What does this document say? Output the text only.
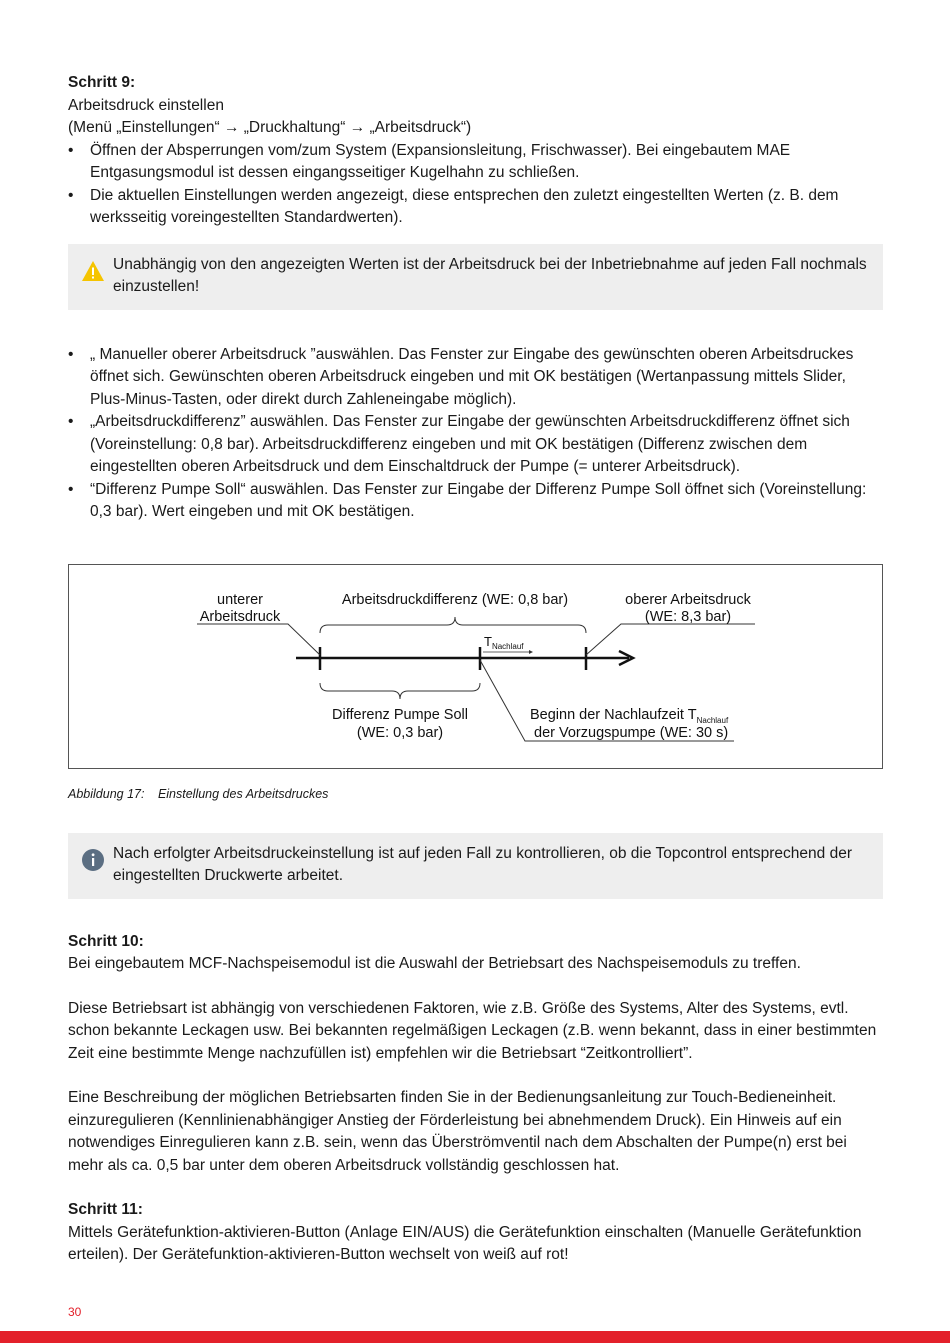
Schritt 9:

Arbeitsdruck einstellen

(Menü „Einstellungen“ → „Druckhaltung“ → „Arbeitsdruck“)

• Öffnen der Absperrungen vom/zum System (Expansionsleitung, Frischwasser). Bei eingebautem MAE Entgasungsmodul ist dessen eingangsseitiger Kugelhahn zu schließen.
• Die aktuellen Einstellungen werden angezeigt, diese entsprechen den zuletzt eingestellten Werten (z. B. dem werksseitig voreingestellten Standardwerten).
Unabhängig von den angezeigten Werten ist der Arbeitsdruck bei der Inbetriebnahme auf jeden Fall nochmals einzustellen!
• „ Manueller oberer Arbeitsdruck ”auswählen. Das Fenster zur Eingabe des gewünschten oberen Arbeitsdruckes öffnet sich. Gewünschten oberen Arbeitsdruck eingeben und mit OK bestätigen (Wertanpassung mittels Slider, Plus-Minus-Tasten, oder direkt durch Zahleneingabe möglich).
• „Arbeitsdruckdifferenz” auswählen. Das Fenster zur Eingabe der gewünschten Arbeitsdruckdifferenz öffnet sich (Voreinstellung: 0,8 bar). Arbeitsdruckdifferenz eingeben und mit OK bestätigen (Differenz zwischen dem eingestellten oberen Arbeitsdruck und dem Einschaltdruck der Pumpe (= unterer Arbeitsdruck).
• “Differenz Pumpe Soll“ auswählen. Das Fenster zur Eingabe der Differenz Pumpe Soll öffnet sich (Voreinstellung: 0,3 bar). Wert eingeben und mit OK bestätigen.
unterer
Arbeitsdruck
Arbeitsdruckdifferenz (WE: 0,8 bar)	oberer Arbeitsdruck
(WE: 8,3 bar)
$T_{Nachlauf}$
Differenz Pumpe Soll
(WE: 0,3 bar)
Beginn der Nachlaufzeit $T_{Nachlauf}$
der Vorzugspumpe (WE: 30 s)
Abbildung 17: Einstellung des Arbeitsdruckes
Nach erfolgter Arbeitsdruckeinstellung ist auf jeden Fall zu kontrollieren, ob die Topcontrol entsprechend der eingestellten Druckwerte arbeitet.

Schritt 10:

Bei eingebautem MCF-Nachspeisemodul ist die Auswahl der Betriebsart des Nachspeisemoduls zu treffen.

Diese Betriebsart ist abhängig von verschiedenen Faktoren, wie z.B. Größe des Systems, Alter des Systems, evtl. schon bekannte Leckagen usw. Bei bekannten regelmäßigen Leckagen (z.B. wenn bekannt, dass in einer bestimmten Zeit eine bestimmte Menge nachzufüllen ist) empfehlen wir die Betriebsart “Zeitkontrolliert”.

Eine Beschreibung der möglichen Betriebsarten finden Sie in der Bedienungsanleitung zur Touch-Bedieneinheit. einzuregulieren (Kennlinienabhängiger Anstieg der Förderleistung bei abnehmendem Druck). Ein Hinweis auf ein notwendiges Einregulieren kann z.B. sein, wenn das Überströmventil nach dem Abschalten der Pumpe(n) erst bei mehr als ca. 0,5 bar unter dem oberen Arbeitsdruck vollständig geschlossen hat.

Schritt 11:

Mittels Gerätefunktion-aktivieren-Button (Anlage EIN/AUS) die Gerätefunktion einschalten (Manuelle Gerätefunktion erteilen). Der Gerätefunktion-aktivieren-Button wechselt von weiß auf rot!

30
